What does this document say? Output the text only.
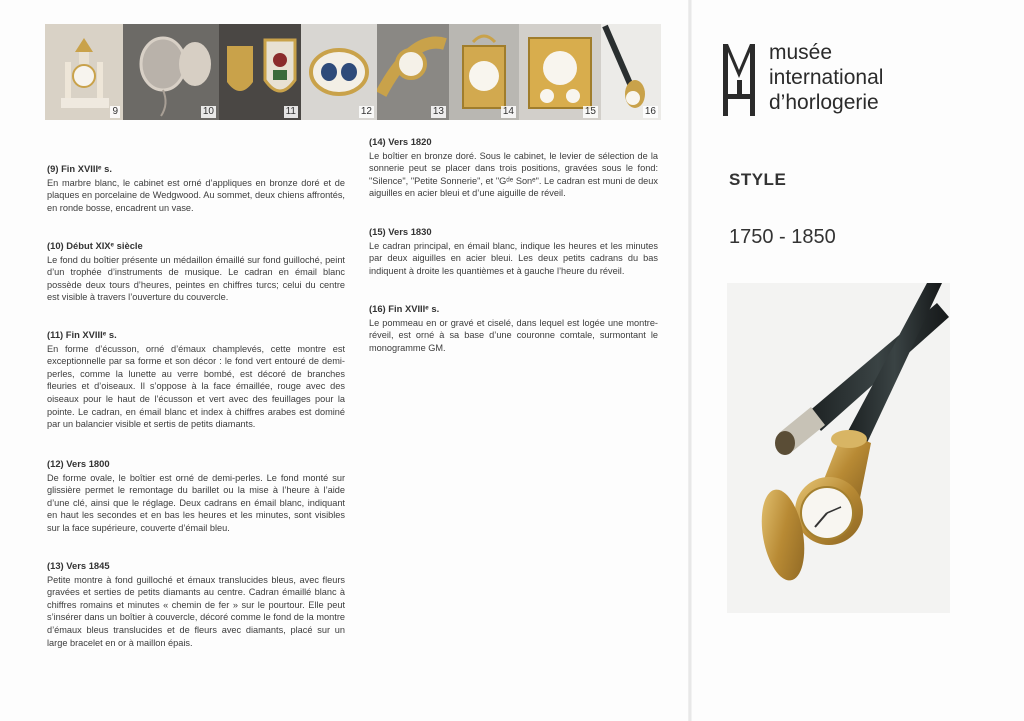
9	10	11	12	13	14	15	16
(9) Fin XVIIIᵉ s.

En marbre blanc, le cabinet est orné d’appliques en bronze doré et de plaques en porcelaine de Wedgwood. Au sommet, deux chiens affrontés, en ronde bosse, encadrent un vase.

(10) Début XIXᵉ siècle

Le fond du boîtier présente un médaillon émaillé sur fond guilloché, peint d’un trophée d’instruments de musique. Le cadran en émail blanc possède deux tours d’heures, peintes en chiffres turcs; celui du centre est visible à travers l’ouverture du couvercle.

(11) Fin XVIIIᵉ s.

En forme d’écusson, orné d’émaux champlevés, cette montre est exceptionnelle par sa forme et son décor : le fond vert entouré de demi-perles, comme la lunette au verre bombé, est décoré de branches fleuries et d’oiseaux. Il s’oppose à la face émaillée, rouge avec des oiseaux pour le haut de l’écusson et vert avec des feuillages pour la pointe. Le cadran, en émail blanc et index à chiffres arabes est dominé par un balancier visible et sertis de petits diamants.

(12) Vers 1800

De forme ovale, le boîtier est orné de demi-perles. Le fond monté sur glissière permet le remontage du barillet ou la mise à l’heure à l’aide d’une clé, ainsi que le réglage. Deux cadrans en émail blanc, indiquant en haut les secondes et en bas les heures et les minutes, sont visibles sur la face supérieure, couverte d’émail bleu.

(13) Vers 1845

Petite montre à fond guilloché et émaux translucides bleus, avec fleurs gravées et serties de petits diamants au centre. Cadran émaillé blanc à chiffres romains et minutes « chemin de fer » sur le pourtour. Elle peut s’insérer dans un boîtier à couvercle, décoré comme le fond de la montre d’émaux bleus translucides et de fleurs avec diamants, placé sur un large bracelet en or à maillon épais.

(14) Vers 1820

Le boîtier en bronze doré. Sous le cabinet, le levier de sélection de la sonnerie peut se placer dans trois positions, gravées sous le fond: "Silence", "Petite Sonnerie", et "Gᵈᵉ Sonᵉ". Le cadran est muni de deux aiguilles en acier bleui et d’une aiguille de réveil.

(15) Vers 1830

Le cadran principal, en émail blanc, indique les heures et les minutes par deux aiguilles en acier bleui. Les deux petits cadrans du bas indiquent à droite les quantièmes et à gauche l’heure du réveil.

(16) Fin XVIIIᵉ s.

Le pommeau en or gravé et ciselé, dans lequel est logée une montre-réveil, est orné à sa base d’une couronne comtale, surmontant le monogramme GM.

musée
international
d’horlogerie
STYLE
1750 - 1850
